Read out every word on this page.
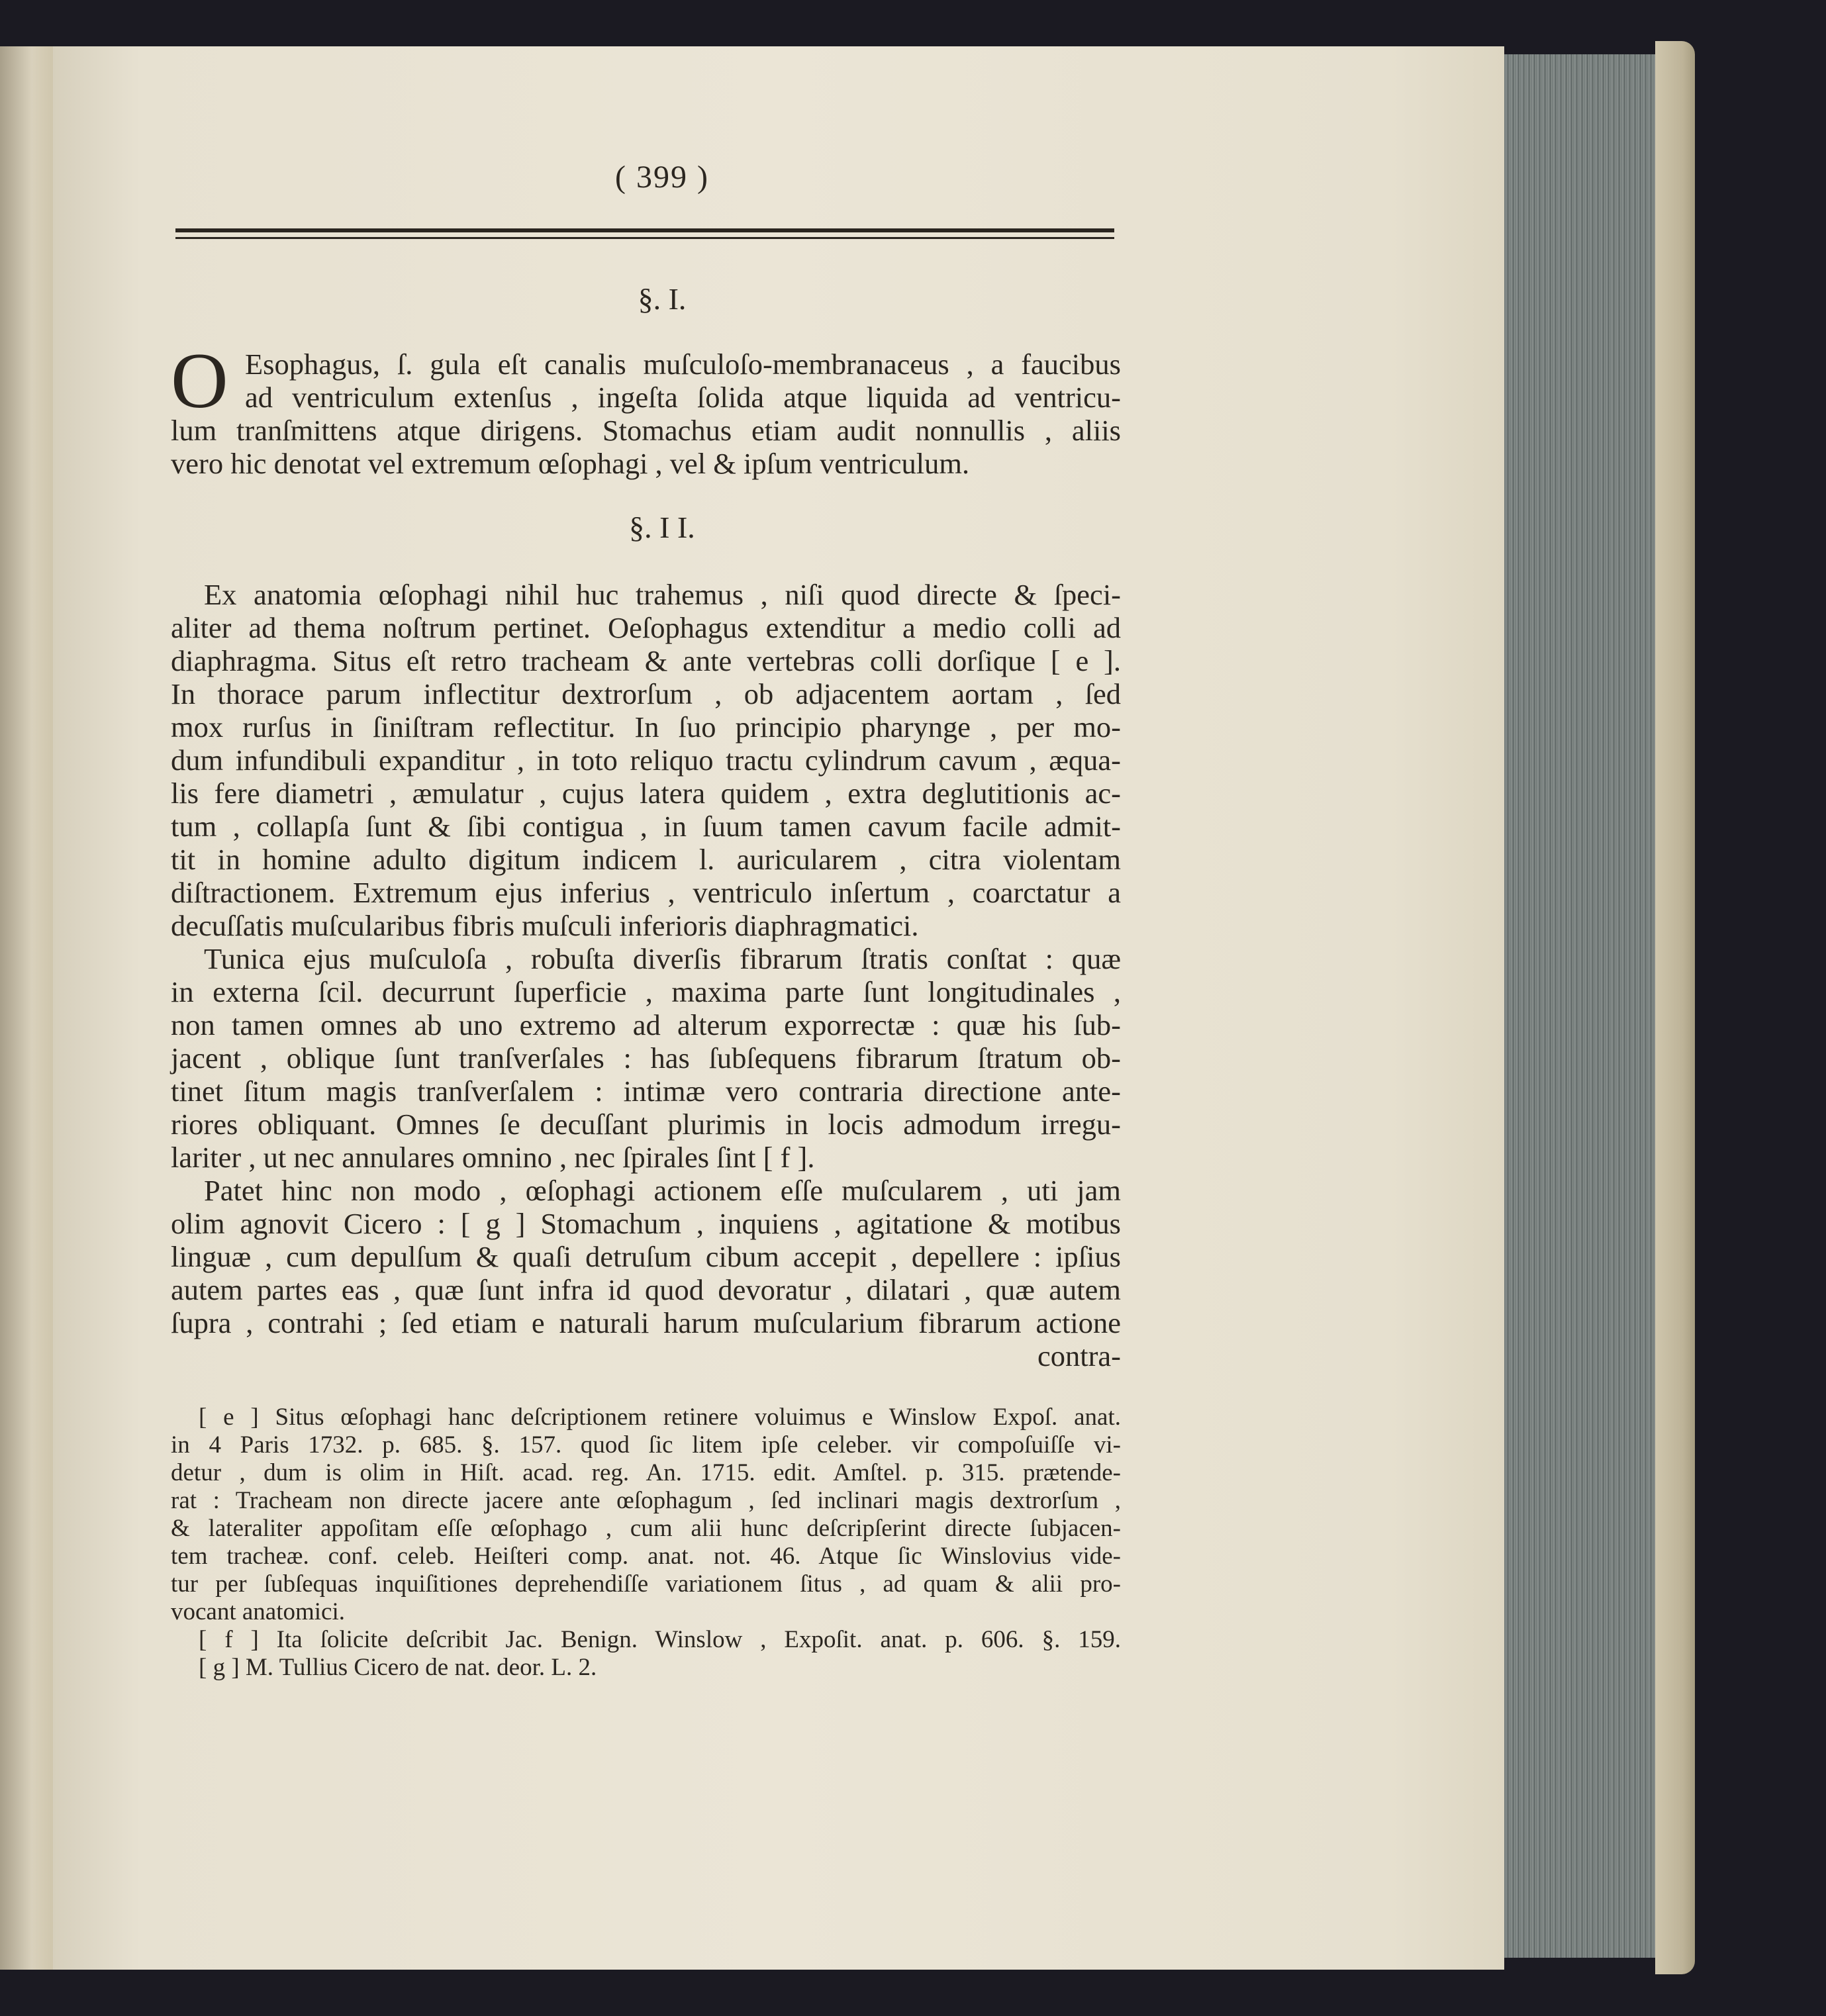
( 399 )
§. I.
O Esophagus, ſ. gula eſt canalis muſculoſo-membranaceus , a faucibus
ad ventriculum extenſus , ingeſta ſolida atque liquida ad ventricu-
lum tranſmittens atque dirigens. Stomachus etiam audit nonnullis , aliis
vero hic denotat vel extremum œſophagi , vel & ipſum ventriculum.
§. I I.
Ex anatomia œſophagi nihil huc trahemus , niſi quod directe & ſpeci-
aliter ad thema noſtrum pertinet. Oeſophagus extenditur a medio colli ad
diaphragma. Situs eſt retro tracheam & ante vertebras colli dorſique [ e ].
In thorace parum inflectitur dextrorſum , ob adjacentem aortam , ſed
mox rurſus in ſiniſtram reflectitur. In ſuo principio pharynge , per mo-
dum infundibuli expanditur , in toto reliquo tractu cylindrum cavum , æqua-
lis fere diametri , æmulatur , cujus latera quidem , extra deglutitionis ac-
tum , collapſa ſunt & ſibi contigua , in ſuum tamen cavum facile admit-
tit in homine adulto digitum indicem l. auricularem , citra violentam
diſtractionem. Extremum ejus inferius , ventriculo inſertum , coarctatur a
decuſſatis muſcularibus fibris muſculi inferioris diaphragmatici.
Tunica ejus muſculoſa , robuſta diverſis fibrarum ſtratis conſtat : quæ
in externa ſcil. decurrunt ſuperficie , maxima parte ſunt longitudinales ,
non tamen omnes ab uno extremo ad alterum exporrectæ : quæ his ſub-
jacent , oblique ſunt tranſverſales : has ſubſequens fibrarum ſtratum ob-
tinet ſitum magis tranſverſalem : intimæ vero contraria directione ante-
riores obliquant. Omnes ſe decuſſant plurimis in locis admodum irregu-
lariter , ut nec annulares omnino , nec ſpirales ſint [ f ].
Patet hinc non modo , œſophagi actionem eſſe muſcularem , uti jam
olim agnovit Cicero : [ g ] Stomachum , inquiens , agitatione & motibus
linguæ , cum depulſum & quaſi detruſum cibum accepit , depellere : ipſius
autem partes eas , quæ ſunt infra id quod devoratur , dilatari , quæ autem
ſupra , contrahi ; ſed etiam e naturali harum muſcularium fibrarum actione
contra-
[ e ] Situs œſophagi hanc deſcriptionem retinere voluimus e Winslow Expoſ. anat.
in 4 Paris 1732. p. 685. §. 157. quod ſic litem ipſe celeber. vir compoſuiſſe vi-
detur , dum is olim in Hiſt. acad. reg. An. 1715. edit. Amſtel. p. 315. prætende-
rat : Tracheam non directe jacere ante œſophagum , ſed inclinari magis dextrorſum ,
& lateraliter appoſitam eſſe œſophago , cum alii hunc deſcripſerint directe ſubjacen-
tem tracheæ. conf. celeb. Heiſteri comp. anat. not. 46. Atque ſic Winslovius vide-
tur per ſubſequas inquiſitiones deprehendiſſe variationem ſitus , ad quam & alii pro-
vocant anatomici.
[ f ] Ita ſolicite deſcribit Jac. Benign. Winslow , Expoſit. anat. p. 606. §. 159.
[ g ] M. Tullius Cicero de nat. deor. L. 2.
